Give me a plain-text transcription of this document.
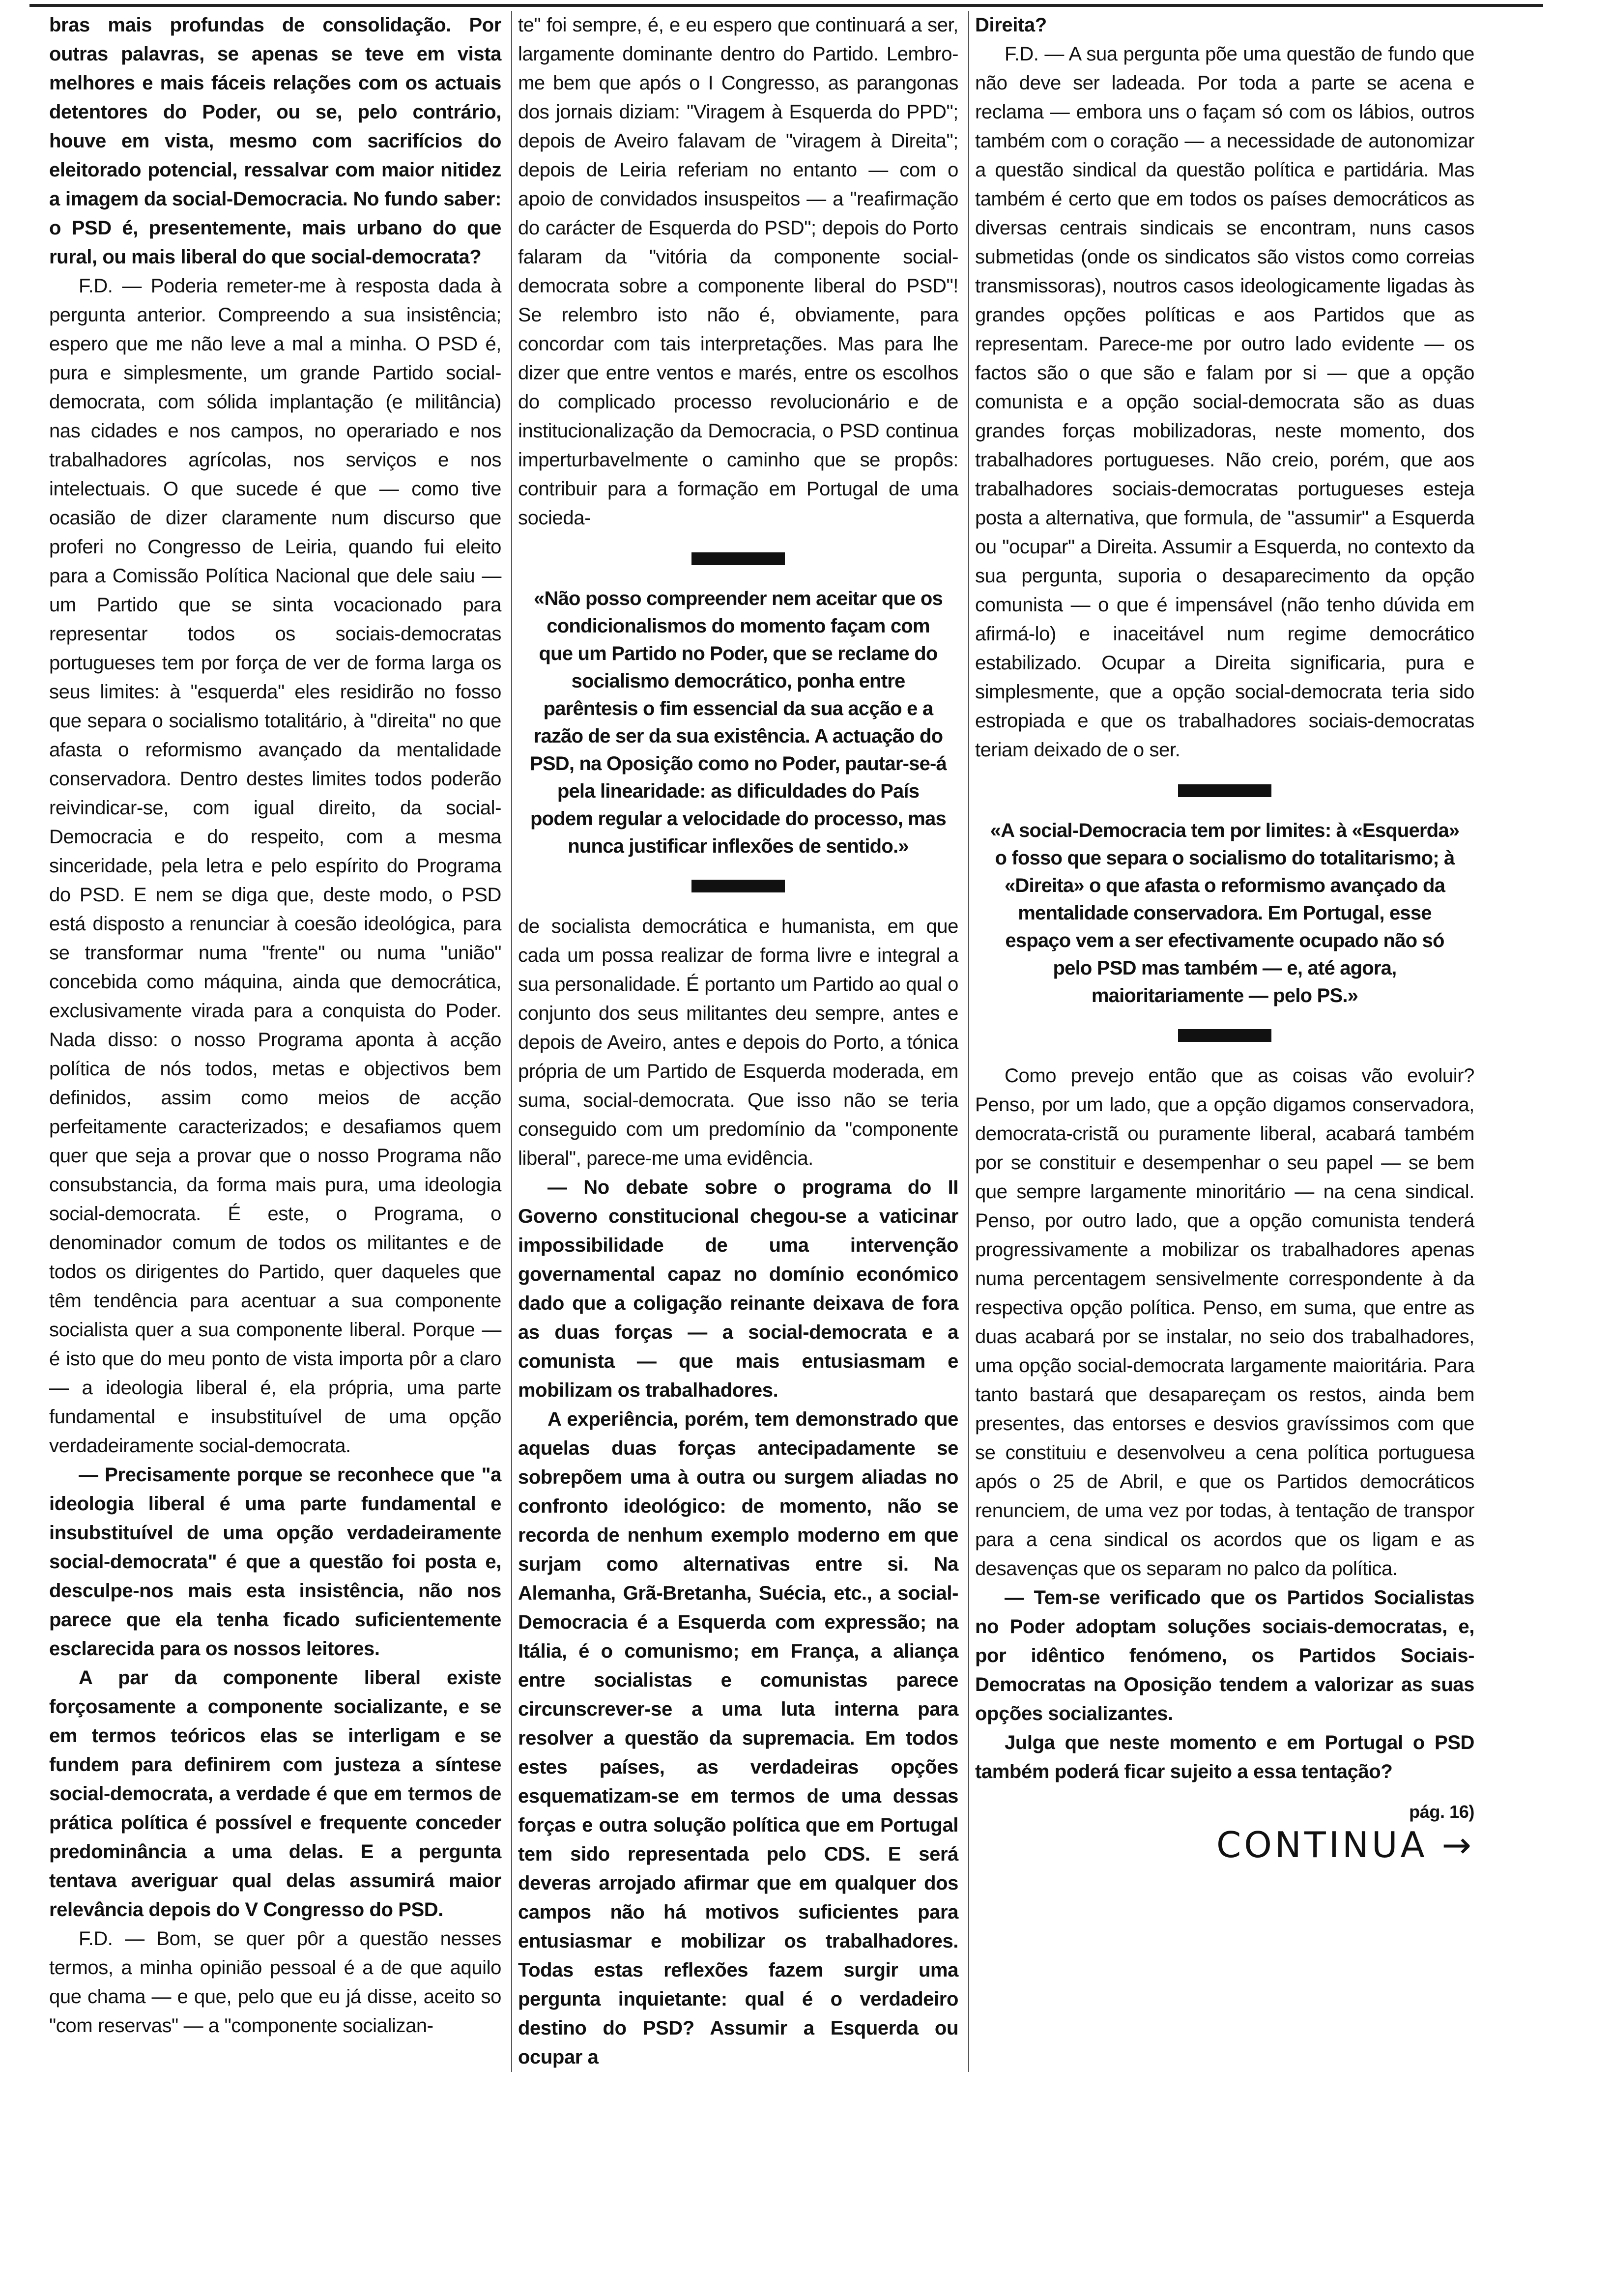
bras mais profundas de consolidação. Por outras palavras, se apenas se teve em vista melhores e mais fáceis relações com os actuais detentores do Poder, ou se, pelo contrário, houve em vista, mesmo com sacrifícios do eleitorado potencial, ressalvar com maior nitidez a imagem da social-Democracia. No fundo saber: o PSD é, presentemente, mais urbano do que rural, ou mais liberal do que social-democrata?

F.D. — Poderia remeter-me à resposta dada à pergunta anterior. Compreendo a sua insistência; espero que me não leve a mal a minha. O PSD é, pura e simplesmente, um grande Partido social-democrata, com sólida implantação (e militância) nas cidades e nos campos, no operariado e nos trabalhadores agrícolas, nos serviços e nos intelectuais. O que sucede é que — como tive ocasião de dizer claramente num discurso que proferi no Congresso de Leiria, quando fui eleito para a Comissão Política Nacional que dele saiu — um Partido que se sinta vocacionado para representar todos os sociais-democratas portugueses tem por força de ver de forma larga os seus limites: à "esquerda" eles residirão no fosso que separa o socialismo totalitário, à "direita" no que afasta o reformismo avançado da mentalidade conservadora. Dentro destes limites todos poderão reivindicar-se, com igual direito, da social-Democracia e do respeito, com a mesma sinceridade, pela letra e pelo espírito do Programa do PSD. E nem se diga que, deste modo, o PSD está disposto a renunciar à coesão ideológica, para se transformar numa "frente" ou numa "união" concebida como máquina, ainda que democrática, exclusivamente virada para a conquista do Poder. Nada disso: o nosso Programa aponta à acção política de nós todos, metas e objectivos bem definidos, assim como meios de acção perfeitamente caracterizados; e desafiamos quem quer que seja a provar que o nosso Programa não consubstancia, da forma mais pura, uma ideologia social-democrata. É este, o Programa, o denominador comum de todos os militantes e de todos os dirigentes do Partido, quer daqueles que têm tendência para acentuar a sua componente socialista quer a sua componente liberal. Porque — é isto que do meu ponto de vista importa pôr a claro — a ideologia liberal é, ela própria, uma parte fundamental e insubstituível de uma opção verdadeiramente social-democrata.

— Precisamente porque se reconhece que "a ideologia liberal é uma parte fundamental e insubstituível de uma opção verdadeiramente social-democrata" é que a questão foi posta e, desculpe-nos mais esta insistência, não nos parece que ela tenha ficado suficientemente esclarecida para os nossos leitores.

A par da componente liberal existe forçosamente a componente socializante, e se em termos teóricos elas se interligam e se fundem para definirem com justeza a síntese social-democrata, a verdade é que em termos de prática política é possível e frequente conceder predominância a uma delas. E a pergunta tentava averiguar qual delas assumirá maior relevância depois do V Congresso do PSD.

F.D. — Bom, se quer pôr a questão nesses termos, a minha opinião pessoal é a de que aquilo que chama — e que, pelo que eu já disse, aceito so "com reservas" — a "componente socializan-

te" foi sempre, é, e eu espero que continuará a ser, largamente dominante dentro do Partido. Lembro-me bem que após o I Congresso, as parangonas dos jornais diziam: "Viragem à Esquerda do PPD"; depois de Aveiro falavam de "viragem à Direita"; depois de Leiria referiam no entanto — com o apoio de convidados insuspeitos — a "reafirmação do carácter de Esquerda do PSD"; depois do Porto falaram da "vitória da componente social-democrata sobre a componente liberal do PSD"! Se relembro isto não é, obviamente, para concordar com tais interpretações. Mas para lhe dizer que entre ventos e marés, entre os escolhos do complicado processo revolucionário e de institucionalização da Democracia, o PSD continua imperturbavelmente o caminho que se propôs: contribuir para a formação em Portugal de uma socieda-

«Não posso compreender nem aceitar que os condicionalismos do momento façam com que um Partido no Poder, que se reclame do socialismo democrático, ponha entre parêntesis o fim essencial da sua acção e a razão de ser da sua existência. A actuação do PSD, na Oposição como no Poder, pautar-se-á pela linearidade: as dificuldades do País podem regular a velocidade do processo, mas nunca justificar inflexões de sentido.»

de socialista democrática e humanista, em que cada um possa realizar de forma livre e integral a sua personalidade. É portanto um Partido ao qual o conjunto dos seus militantes deu sempre, antes e depois de Aveiro, antes e depois do Porto, a tónica própria de um Partido de Esquerda moderada, em suma, social-democrata. Que isso não se teria conseguido com um predomínio da "componente liberal", parece-me uma evidência.

— No debate sobre o programa do II Governo constitucional chegou-se a vaticinar impossibilidade de uma intervenção governamental capaz no domínio económico dado que a coligação reinante deixava de fora as duas forças — a social-democrata e a comunista — que mais entusiasmam e mobilizam os trabalhadores.

A experiência, porém, tem demonstrado que aquelas duas forças antecipadamente se sobrepõem uma à outra ou surgem aliadas no confronto ideológico: de momento, não se recorda de nenhum exemplo moderno em que surjam como alternativas entre si. Na Alemanha, Grã-Bretanha, Suécia, etc., a social-Democracia é a Esquerda com expressão; na Itália, é o comunismo; em França, a aliança entre socialistas e comunistas parece circunscrever-se a uma luta interna para resolver a questão da supremacia. Em todos estes países, as verdadeiras opções esquematizam-se em termos de uma dessas forças e outra solução política que em Portugal tem sido representada pelo CDS. E será deveras arrojado afirmar que em qualquer dos campos não há motivos suficientes para entusiasmar e mobilizar os trabalhadores. Todas estas reflexões fazem surgir uma pergunta inquietante: qual é o verdadeiro destino do PSD? Assumir a Esquerda ou ocupar a

Direita?

F.D. — A sua pergunta põe uma questão de fundo que não deve ser ladeada. Por toda a parte se acena e reclama — embora uns o façam só com os lábios, outros também com o coração — a necessidade de autonomizar a questão sindical da questão política e partidária. Mas também é certo que em todos os países democráticos as diversas centrais sindicais se encontram, nuns casos submetidas (onde os sindicatos são vistos como correias transmissoras), noutros casos ideologicamente ligadas às grandes opções políticas e aos Partidos que as representam. Parece-me por outro lado evidente — os factos são o que são e falam por si — que a opção comunista e a opção social-democrata são as duas grandes forças mobilizadoras, neste momento, dos trabalhadores portugueses. Não creio, porém, que aos trabalhadores sociais-democratas portugueses esteja posta a alternativa, que formula, de "assumir" a Esquerda ou "ocupar" a Direita. Assumir a Esquerda, no contexto da sua pergunta, suporia o desaparecimento da opção comunista — o que é impensável (não tenho dúvida em afirmá-lo) e inaceitável num regime democrático estabilizado. Ocupar a Direita significaria, pura e simplesmente, que a opção social-democrata teria sido estropiada e que os trabalhadores sociais-democratas teriam deixado de o ser.

«A social-Democracia tem por limites: à «Esquerda» o fosso que separa o socialismo do totalitarismo; à «Direita» o que afasta o reformismo avançado da mentalidade conservadora. Em Portugal, esse espaço vem a ser efectivamente ocupado não só pelo PSD mas também — e, até agora, maioritariamente — pelo PS.»

Como prevejo então que as coisas vão evoluir? Penso, por um lado, que a opção digamos conservadora, democrata-cristã ou puramente liberal, acabará também por se constituir e desempenhar o seu papel — se bem que sempre largamente minoritário — na cena sindical. Penso, por outro lado, que a opção comunista tenderá progressivamente a mobilizar os trabalhadores apenas numa percentagem sensivelmente correspondente à da respectiva opção política. Penso, em suma, que entre as duas acabará por se instalar, no seio dos trabalhadores, uma opção social-democrata largamente maioritária. Para tanto bastará que desapareçam os restos, ainda bem presentes, das entorses e desvios gravíssimos com que se constituiu e desenvolveu a cena política portuguesa após o 25 de Abril, e que os Partidos democráticos renunciem, de uma vez por todas, à tentação de transpor para a cena sindical os acordos que os ligam e as desavenças que os separam no palco da política.

— Tem-se verificado que os Partidos Socialistas no Poder adoptam soluções sociais-democratas, e, por idêntico fenómeno, os Partidos Sociais-Democratas na Oposição tendem a valorizar as suas opções socializantes.

Julga que neste momento e em Portugal o PSD também poderá ficar sujeito a essa tentação?

pág. 16)
CONTINUA →
